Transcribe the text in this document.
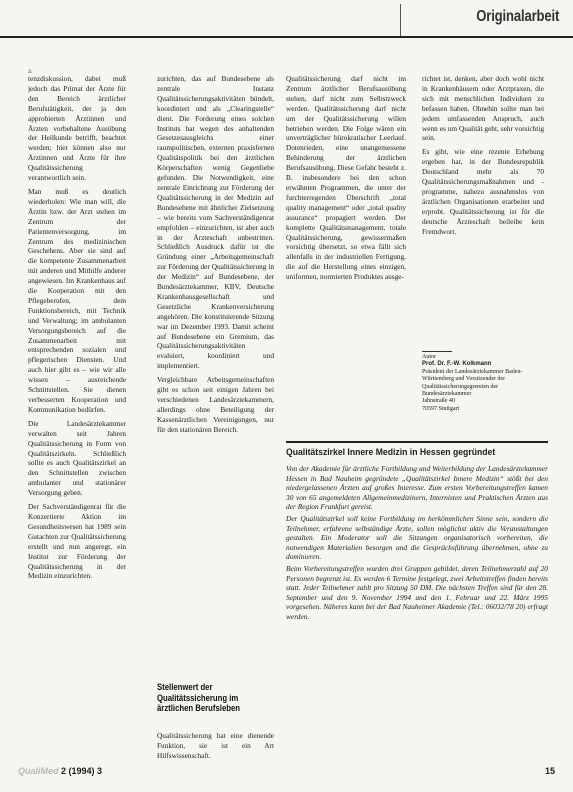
Originalarbeit
≥

tenzdiskussion, dabei muß jedoch das Primat der Ärzte für den Bereich ärztlicher Berufstätigkeit, der ja den approbierten Ärztinnen und Ärzten vorbehaltene Ausübung der Heilkunde betrifft, beachtet werden; hier können also nur Ärztinnen und Ärzte für ihre Qualitätssicherung verantwortlich sein.

Man muß es deutlich wiederholen: Wie man will, die Ärztin bzw. der Arzt stehen im Zentrum der Patientenversorgung, im Zentrum des medizinischen Geschehens. Aber sie sind auf die kompetente Zusammenarbeit mit anderen und Mithilfe anderer angewiesen. Im Krankenhaus auf die Kooperation mit den Pflegeberufen, dem Funktionsbereich, mit Technik und Verwaltung; im ambulanten Versorgungsbereich auf die Zusammenarbeit mit entsprechenden sozialen und pflegerischen Diensten. Und auch hier gibt es – wie wir alle wissen – ausreichende Schnittstellen. Sie dienen verbesserten Kooperation und Kommunikation bedürfen.

Die Landesärztekammer verwalten seit Jahren Qualitätssicherung in Form von Qualitätszirkeln. Schließlich sollte es auch Qualitätszirkel an den Schnittstellen zwischen ambulanter und stationärer Versorgung geben.

Der Sachverständigenrat für die Konzertierte Aktion im Gesundheitswesen hat 1989 sein Gutachten zur Qualitätssicherung erstellt und nun angeregt, ein Institut zur Förderung der Qualitätssicherung in der Medizin einzurichten.

zurichten, das auf Bundesebene als zentrale Instanz Qualitätssicherungsaktivitäten bündelt, koordiniert und als „Clearingstelle“ dient. Die Forderung eines solchen Instituts hat wegen des anhaltenden Gesetzesausgleichs einer raumpolitischen, externen praxisfernen Qualitätspolitik bei den ärztlichen Körperschaften wenig Gegenliebe gefunden. Die Notwendigkeit, eine zentrale Einrichtung zur Förderung der Qualitätssicherung in der Medizin auf Bundesebene mit ähnlicher Zielsetzung – wie bereits vom Sachverständigenrat empfohlen – einzurichten, ist aber auch in der Ärzteschaft unbestritten. Schließlich Ausdruck dafür ist die Gründung einer „Arbeitsgemeinschaft zur Förderung der Qualitätssicherung in der Medizin“ auf Bundesebene, der Bundesärztekammer, KBV, Deutsche Krankenhausgesellschaft und Gesetzliche Krankenversicherung angehören. Die konstituierende Sitzung war im Dezember 1993. Damit scheint auf Bundesebene ein Gremium, das Qualitätssicherungsaktivitäten evaluiert, koordiniert und implementiert.

Vergleichbare Arbeitsgemeinschaften gibt es schon seit einigen Jahren bei verschiedenen Landesärztekammern, allerdings ohne Beteiligung der Kassenärztlichen Vereinigungen, nur für den stationären Bereich.

Stellenwert der Qualitätssicherung im ärztlichen Berufsleben
Qualitätssicherung hat eine dienende Funktion, sie ist ein Art Hilfswissenschaft.

Qualitätssicherung darf nicht im Zentrum ärztlicher Berufsausübung stehen, darf nicht zum Selbstzweck werden. Qualitätssicherung darf nicht um der Qualitätssicherung willen betrieben werden. Die Folge wären ein unverträglicher bürokratischer Leerlauf. Dotenrieden, eine unangemessene Behinderung der ärztlichen Berufsausübung. Diese Gefahr besteht z. B. insbesondere bei den schon erwähnten Programmen, die unter der furchterregenden Überschrift „total quality management“ oder „total quality assurance“ propagiert werden. Der komplette Qualitätsmanagement, totale Qualitätssicherung, gewissermaßen vorsichtig übersetzt, so etwa fällt sich allenfalls in der industriellen Fertigung, die auf die Herstellung eines einzigen, uniformen, normierten Produktes ausge-

richtet ist, denken, aber doch wohl nicht in Krankenhäusern oder Arztpraxen, die sich mit menschlichen Individuen zu befassen haben. Ohnehin sollte man bei jedem umfassenden Anspruch, auch wenn es um Qualität geht, sehr vorsichtig sein.

Es gibt, wie eine rezente Erhebung ergeben hat, in der Bundesrepublik Deutschland mehr als 70 Qualitätssicherungsmaßnahmen und -programme, nahezu ausnahmslos von ärztlichen Organisationen erarbeitet und erprobt. Qualitätssicherung ist für die deutsche Ärzteschaft beileibe kein Fremdwort.

Autor
Prof. Dr. F.-W. Kolkmann
Präsident der Landesärztekammer Baden-Württemberg und Vorsitzender der Qualitätssicherungsgremien der Bundesärztekammer
Jahnstraße 40
70597 Stuttgart
Qualitätszirkel Innere Medizin in Hessen gegründet

Von der Akademie für ärztliche Fortbildung und Weiterbildung der Landesärztekammer Hessen in Bad Nauheim gegründete „Qualitätszirkel Innere Medizin“ stößt bei den niedergelassenen Ärzten auf großes Interesse. Zum ersten Vorbereitungstreffen kamen 30 von 65 angemeldeten Allgemeinmedizinern, Internisten und Praktischen Ärzten aus der Region Frankfurt gereist.

Der Qualitätszirkel soll keine Fortbildung im herkömmlichen Sinne sein, sondern die Teilnehmer, erfahrene selbständige Ärzte, sollen möglichst aktiv die Veranstaltungen gestalten. Ein Moderator soll die Sitzungen organisatorisch vorbereiten, die notwendigen Materialien besorgen und die Gesprächsführung übernehmen, ohne zu dominieren.

Beim Vorbereitungstreffen wurden drei Gruppen gebildet, deren Teilnehmerzahl auf 20 Personen begrenzt ist. Es werden 6 Termine festgelegt, zwei Arbeitstreffen finden bereits statt. Jeder Teilnehmer zahlt pro Sitzung 50 DM. Die nächsten Treffen sind für den 28. September und den 9. November 1994 und den 1. Februar und 22. März 1995 vorgesehen. Näheres kann bei der Bad Nauheimer Akademie (Tel.: 06032/78 20) erfragt werden.

QualiMed 2 (1994) 3	15
